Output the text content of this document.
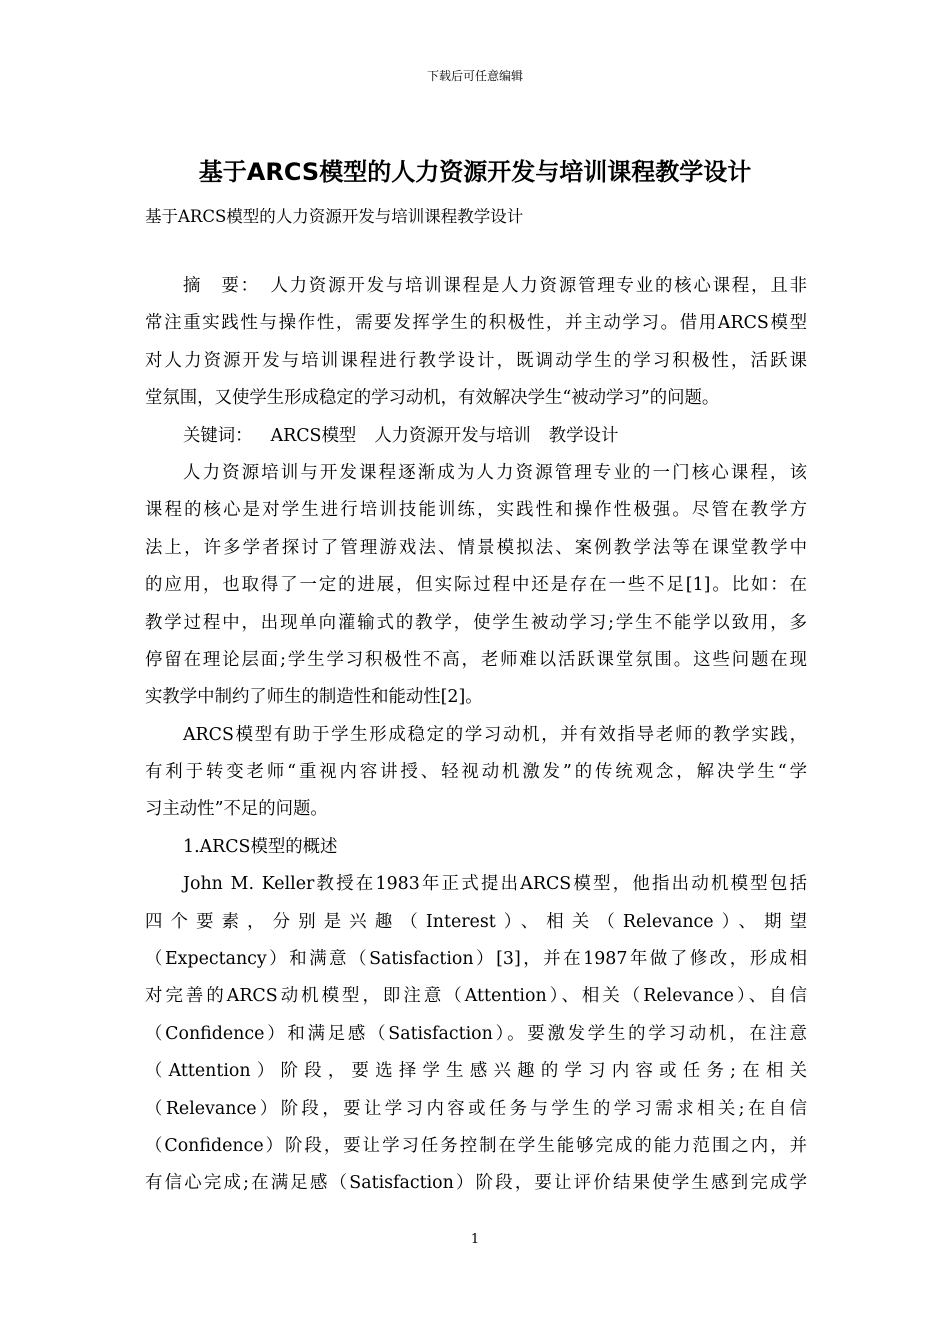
下载后可任意编辑
基于ARCS模型的人力资源开发与培训课程教学设计
基于ARCS模型的人力资源开发与培训课程教学设计
摘　要：　人力资源开发与培训课程是人力资源管理专业的核心课程，且非
常注重实践性与操作性，需要发挥学生的积极性，并主动学习。借用ARCS模型
对人力资源开发与培训课程进行教学设计，既调动学生的学习积极性，活跃课
堂氛围，又使学生形成稳定的学习动机，有效解决学生“被动学习”的问题。
关键词： ARCS模型 人力资源开发与培训 教学设计
人力资源培训与开发课程逐渐成为人力资源管理专业的一门核心课程，该
课程的核心是对学生进行培训技能训练，实践性和操作性极强。尽管在教学方
法上，许多学者探讨了管理游戏法、情景模拟法、案例教学法等在课堂教学中
的应用，也取得了一定的进展，但实际过程中还是存在一些不足[1]。比如：在
教学过程中，出现单向灌输式的教学，使学生被动学习;学生不能学以致用，多
停留在理论层面;学生学习积极性不高，老师难以活跃课堂氛围。这些问题在现
实教学中制约了师生的制造性和能动性[2]。
ARCS模型有助于学生形成稳定的学习动机，并有效指导老师的教学实践，
有利于转变老师“重视内容讲授、轻视动机激发”的传统观念，解决学生“学
习主动性”不足的问题。
1.ARCS模型的概述
John M. Keller教授在1983年正式提出ARCS模型，他指出动机模型包括
四个要素，分别是兴趣（Interest）、相关（Relevance）、期望
（Expectancy）和满意（Satisfaction）[3]，并在1987年做了修改，形成相
对完善的ARCS动机模型，即注意（Attention）、相关（Relevance）、自信
（Confidence）和满足感（Satisfaction）。要激发学生的学习动机，在注意
（Attention）阶段，要选择学生感兴趣的学习内容或任务;在相关
（Relevance）阶段，要让学习内容或任务与学生的学习需求相关;在自信
（Confidence）阶段，要让学习任务控制在学生能够完成的能力范围之内，并
有信心完成;在满足感（Satisfaction）阶段，要让评价结果使学生感到完成学
1
